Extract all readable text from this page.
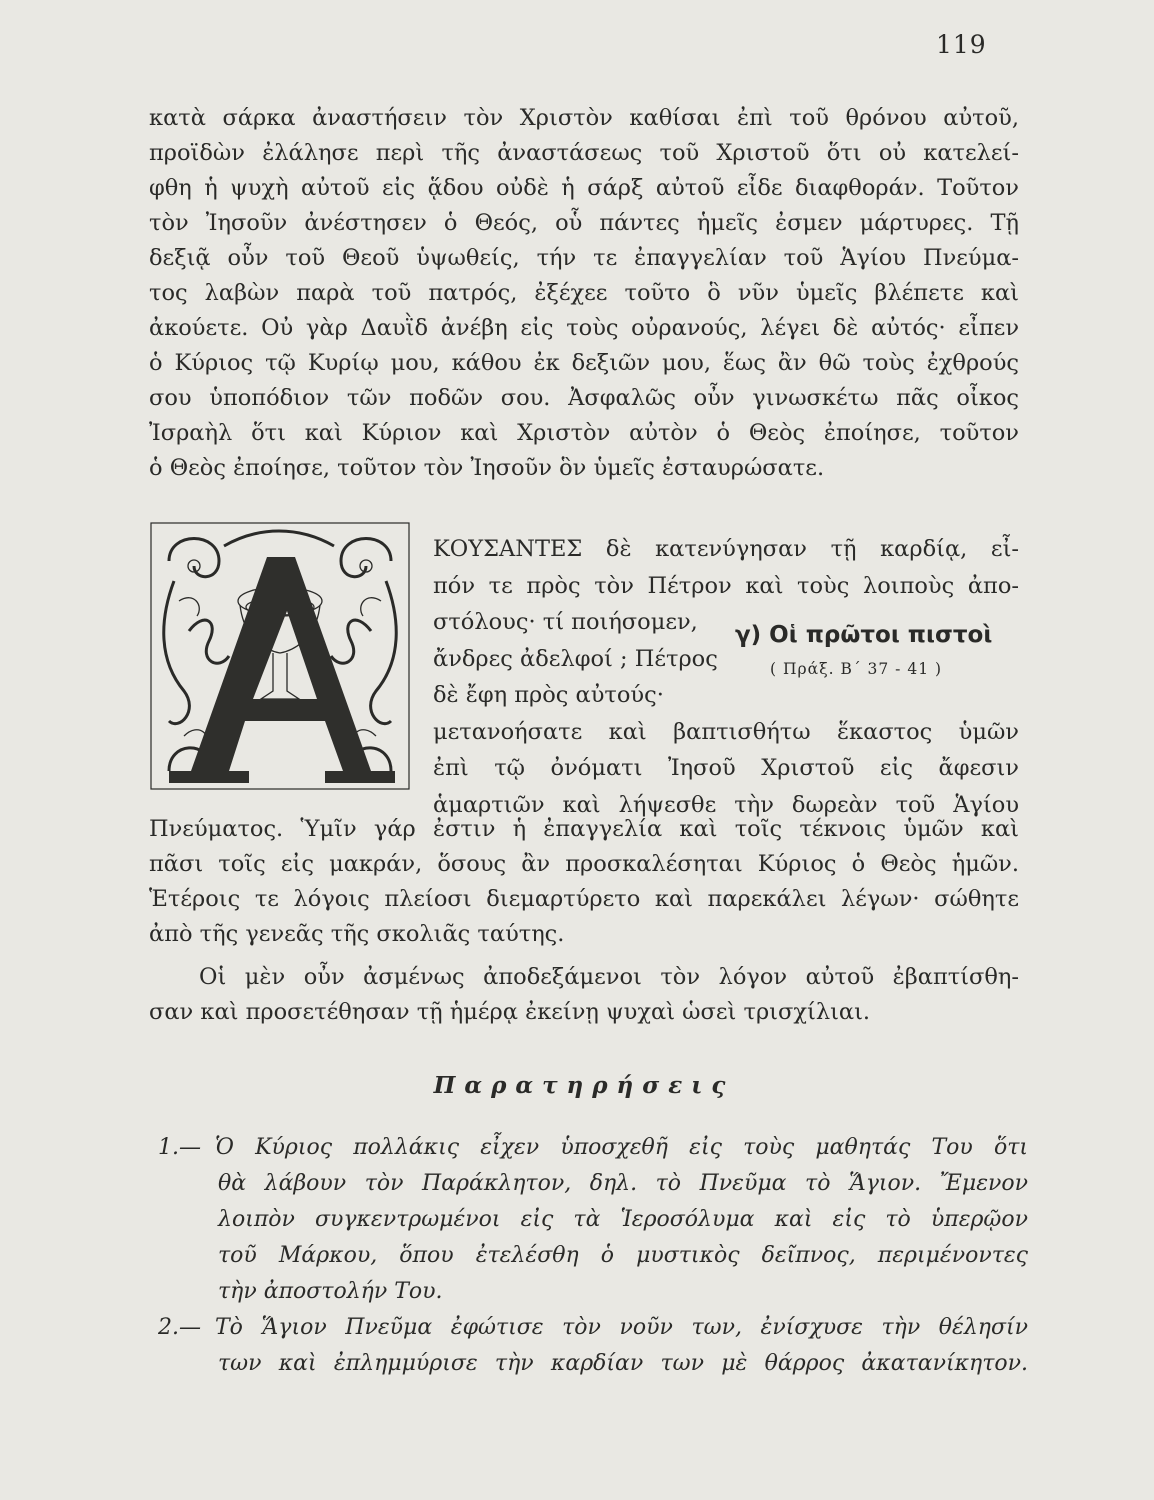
119
κατὰ σάρκα ἀναστήσειν τὸν Χριστὸν καθίσαι ἐπὶ τοῦ θρόνου αὐτοῦ,
προϊδὼν ἐλάλησε περὶ τῆς ἀναστάσεως τοῦ Χριστοῦ ὅτι οὐ κατελεί-
φθη ἡ ψυχὴ αὐτοῦ εἰς ᾅδου οὐδὲ ἡ σάρξ αὐτοῦ εἶδε διαφθοράν. Τοῦτον
τὸν Ἰησοῦν ἀνέστησεν ὁ Θεός, οὗ πάντες ἡμεῖς ἐσμεν μάρτυρες. Τῇ
δεξιᾷ οὖν τοῦ Θεοῦ ὑψωθείς, τήν τε ἐπαγγελίαν τοῦ Ἁγίου Πνεύμα-
τος λαβὼν παρὰ τοῦ πατρός, ἐξέχεε τοῦτο ὃ νῦν ὑμεῖς βλέπετε καὶ
ἀκούετε. Οὐ γὰρ Δαυῒδ ἀνέβη εἰς τοὺς οὐρανούς, λέγει δὲ αὐτός· εἶπεν
ὁ Κύριος τῷ Κυρίῳ μου, κάθου ἐκ δεξιῶν μου, ἕως ἂν θῶ τοὺς ἐχθρούς
σου ὑποπόδιον τῶν ποδῶν σου. Ἀσφαλῶς οὖν γινωσκέτω πᾶς οἶκος
Ἰσραὴλ ὅτι καὶ Κύριον καὶ Χριστὸν αὐτὸν ὁ Θεὸς ἐποίησε, τοῦτον
ὁ Θεὸς ἐποίησε, τοῦτον τὸν Ἰησοῦν ὃν ὑμεῖς ἐσταυρώσατε.
ΚΟΥΣΑΝΤΕΣ δὲ κατενύγησαν τῇ καρδίᾳ, εἶ-
πόν τε πρὸς τὸν Πέτρον καὶ τοὺς λοιποὺς ἀπο-
στόλους· τί ποιήσομεν,
ἄνδρες ἀδελφοί ; Πέτρος
δὲ ἔφη πρὸς αὐτούς·
μετανοήσατε καὶ βαπτισθήτω ἕκαστος ὑμῶν
ἐπὶ τῷ ὀνόματι Ἰησοῦ Χριστοῦ εἰς ἄφεσιν
ἁμαρτιῶν καὶ λήψεσθε τὴν δωρεὰν τοῦ Ἁγίου
γ) Οἱ πρῶτοι πιστοὶ
( Πράξ. Β΄ 37 - 41 )
Πνεύματος. Ὑμῖν γάρ ἐστιν ἡ ἐπαγγελία καὶ τοῖς τέκνοις ὑμῶν καὶ
πᾶσι τοῖς εἰς μακράν, ὅσους ἂν προσκαλέσηται Κύριος ὁ Θεὸς ἡμῶν.
Ἑτέροις τε λόγοις πλείοσι διεμαρτύρετο καὶ παρεκάλει λέγων· σώθητε
ἀπὸ τῆς γενεᾶς τῆς σκολιᾶς ταύτης.
Οἱ μὲν οὖν ἀσμένως ἀποδεξάμενοι τὸν λόγον αὐτοῦ ἐβαπτίσθη-
σαν καὶ προσετέθησαν τῇ ἡμέρᾳ ἐκείνῃ ψυχαὶ ὡσεὶ τρισχίλιαι.
Παρατηρήσεις
1.— Ὁ Κύριος πολλάκις εἶχεν ὑποσχεθῆ εἰς τοὺς μαθητάς Του ὅτι
θὰ λάβουν τὸν Παράκλητον, δηλ. τὸ Πνεῦμα τὸ Ἅγιον. Ἔμενον
λοιπὸν συγκεντρωμένοι εἰς τὰ Ἱεροσόλυμα καὶ εἰς τὸ ὑπερῷον
τοῦ Μάρκου, ὅπου ἐτελέσθη ὁ μυστικὸς δεῖπνος, περιμένοντες
τὴν ἀποστολήν Του.
2.— Τὸ Ἅγιον Πνεῦμα ἐφώτισε τὸν νοῦν των, ἐνίσχυσε τὴν θέλησίν
των καὶ ἐπλημμύρισε τὴν καρδίαν των μὲ θάρρος ἀκατανίκητον.
